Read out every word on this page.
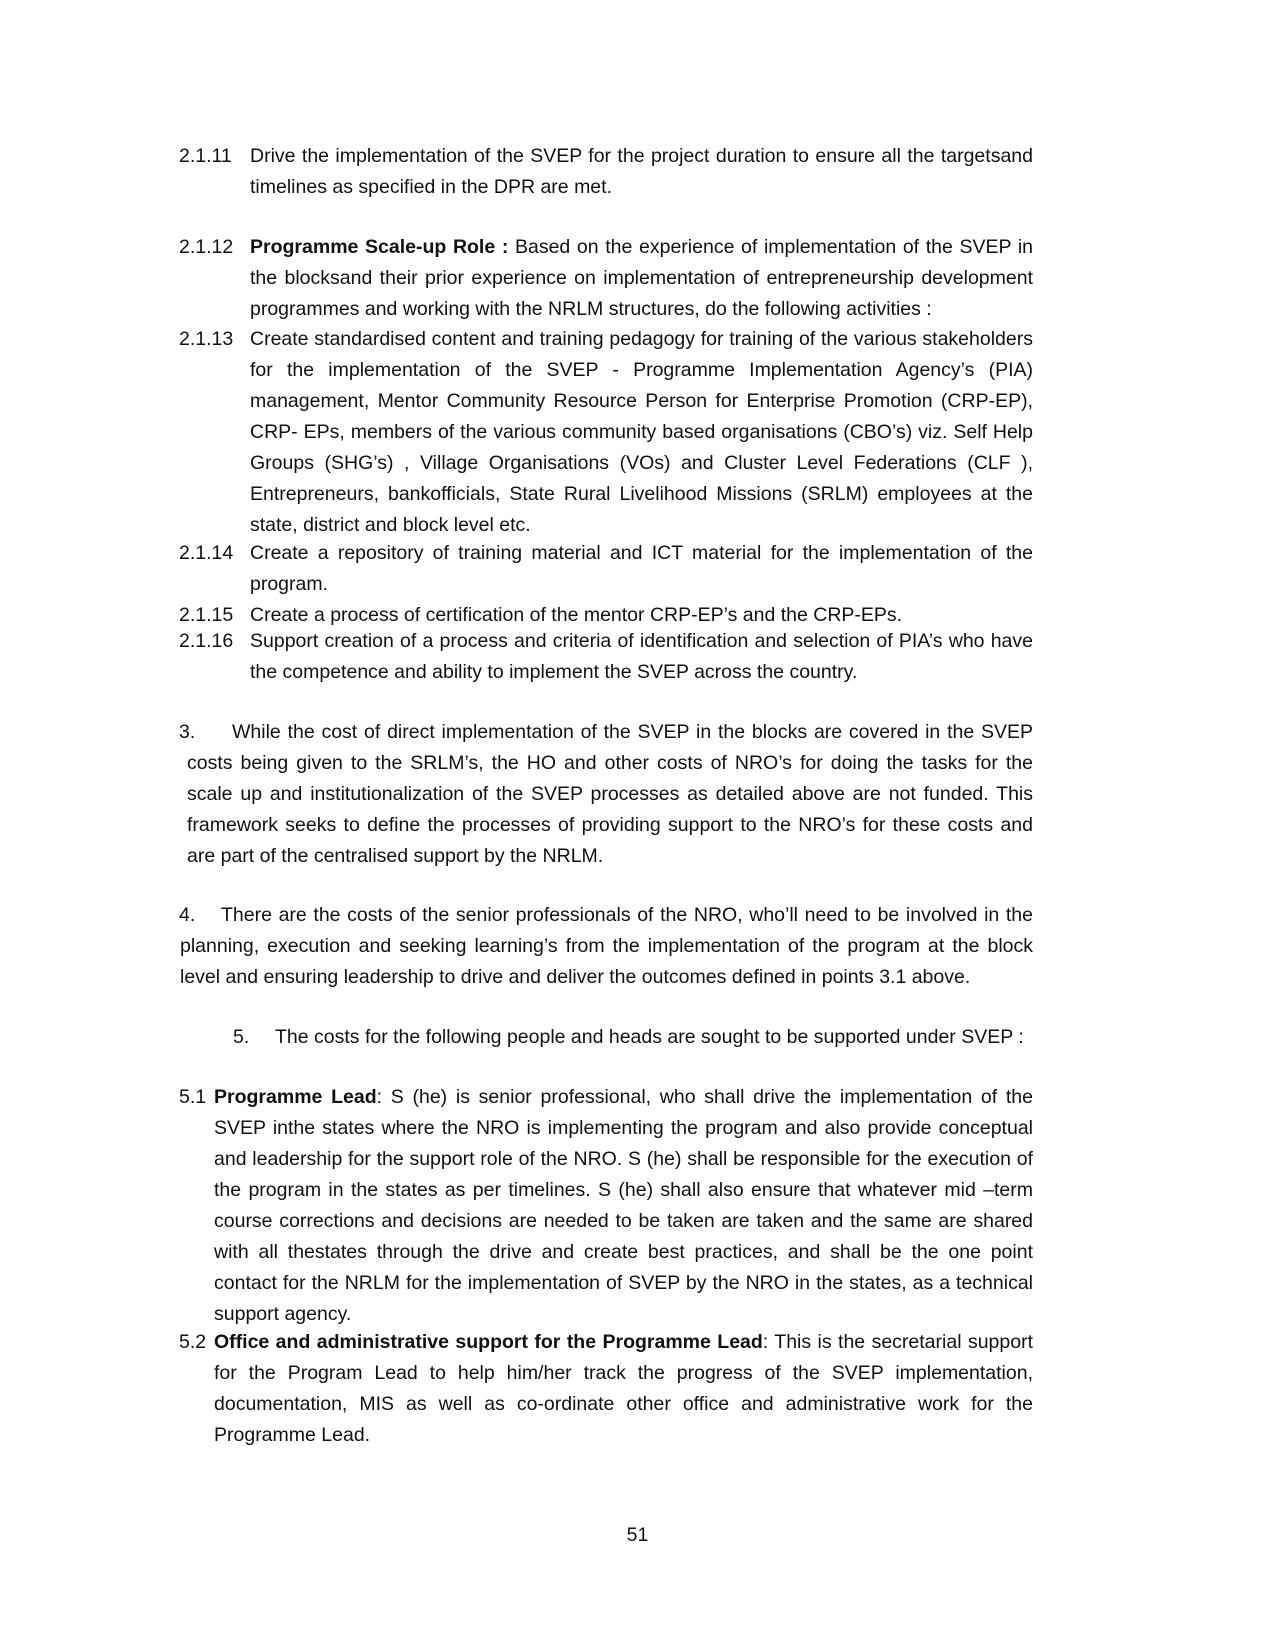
2.1.11 Drive the implementation of the SVEP for the project duration to ensure all the targetsand timelines as specified in the DPR are met.
2.1.12 Programme Scale-up Role : Based on the experience of implementation of the SVEP in the blocksand their prior experience on implementation of entrepreneurship development programmes and working with the NRLM structures, do the following activities :
2.1.13 Create standardised content and training pedagogy for training of the various stakeholders for the implementation of the SVEP - Programme Implementation Agency’s (PIA) management, Mentor Community Resource Person for Enterprise Promotion (CRP-EP), CRP- EPs, members of the various community based organisations (CBO’s) viz. Self Help Groups (SHG’s) , Village Organisations (VOs) and Cluster Level Federations (CLF ), Entrepreneurs, bankofficials, State Rural Livelihood Missions (SRLM) employees at the state, district and block level etc.
2.1.14 Create a repository of training material and ICT material for the implementation of the program.
2.1.15 Create a process of certification of the mentor CRP-EP’s and the CRP-EPs.
2.1.16 Support creation of a process and criteria of identification and selection of PIA’s who have the competence and ability to implement the SVEP across the country.
3.	While the cost of direct implementation of the SVEP in the blocks are covered in the SVEP costs being given to the SRLM’s, the HO and other costs of NRO’s for doing the tasks for the scale up and institutionalization of the SVEP processes as detailed above are not funded. This framework seeks to define the processes of providing support to the NRO’s for these costs and are part of the centralised support by the NRLM.
4.	There are the costs of the senior professionals of the NRO, who’ll need to be involved in the planning, execution and seeking learning’s from the implementation of the program at the block level and ensuring leadership to drive and deliver the outcomes defined in points 3.1 above.
5. The costs for the following people and heads are sought to be supported under SVEP :
5.1 Programme Lead: S (he) is senior professional, who shall drive the implementation of the SVEP inthe states where the NRO is implementing the program and also provide conceptual and leadership for the support role of the NRO. S (he) shall be responsible for the execution of the program in the states as per timelines. S (he) shall also ensure that whatever mid –term course corrections and decisions are needed to be taken are taken and the same are shared with all thestates through the drive and create best practices, and shall be the one point contact for the NRLM for the implementation of SVEP by the NRO in the states, as a technical support agency.
5.2 Office and administrative support for the Programme Lead: This is the secretarial support for the Program Lead to help him/her track the progress of the SVEP implementation, documentation, MIS as well as co-ordinate other office and administrative work for the Programme Lead.
51
